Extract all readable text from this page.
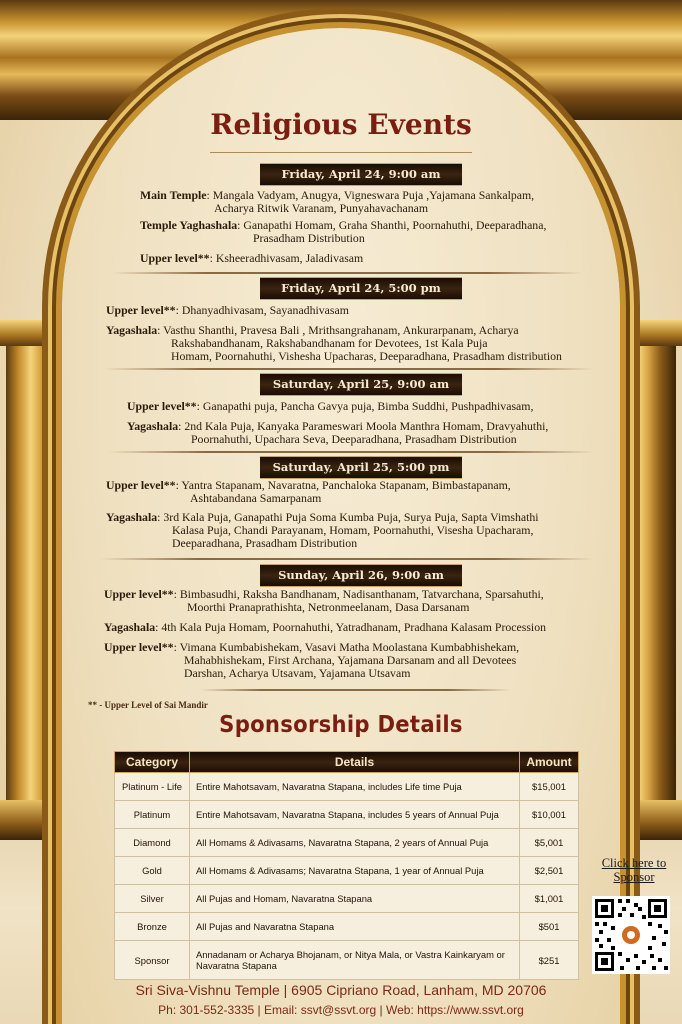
Religious Events
Friday, April 24, 9:00 am
Main Temple: Mangala Vadyam, Anugya, Vigneswara Puja ,Yajamana Sankalpam,
Acharya Ritwik Varanam, Punyahavachanam
Temple Yaghashala: Ganapathi Homam, Graha Shanthi, Poornahuthi, Deeparadhana,
Prasadham Distribution
Upper level**: Ksheeradhivasam, Jaladivasam
Friday, April 24, 5:00 pm
Upper level**: Dhanyadhivasam, Sayanadhivasam
Yagashala: Vasthu Shanthi, Pravesa Bali , Mrithsangrahanam, Ankurarpanam, Acharya
Rakshabandhanam, Rakshabandhanam for Devotees, 1st Kala Puja
Homam, Poornahuthi, Vishesha Upacharas, Deeparadhana, Prasadham distribution
Saturday, April 25, 9:00 am
Upper level**: Ganapathi puja, Pancha Gavya puja, Bimba Suddhi, Pushpadhivasam,
Yagashala: 2nd Kala Puja, Kanyaka Parameswari Moola Manthra Homam, Dravyahuthi,
Poornahuthi, Upachara Seva, Deeparadhana, Prasadham Distribution
Saturday, April 25, 5:00 pm
Upper level**: Yantra Stapanam, Navaratna, Panchaloka Stapanam, Bimbastapanam,
Ashtabandana Samarpanam
Yagashala: 3rd Kala Puja, Ganapathi Puja Soma Kumba Puja, Surya Puja, Sapta Vimshathi
Kalasa Puja, Chandi Parayanam, Homam, Poornahuthi, Visesha Upacharam,
Deeparadhana, Prasadham Distribution
Sunday, April 26, 9:00 am
Upper level**: Bimbasudhi, Raksha Bandhanam, Nadisanthanam, Tatvarchana, Sparsahuthi,
Moorthi Pranaprathishta, Netronmeelanam, Dasa Darsanam
Yagashala: 4th Kala Puja Homam, Poornahuthi, Yatradhanam, Pradhana Kalasam Procession
Upper level**: Vimana Kumbabishekam, Vasavi Matha Moolastana Kumbabhishekam,
Mahabhishekam, First Archana, Yajamana Darsanam and all Devotees
Darshan, Acharya Utsavam, Yajamana Utsavam
** - Upper Level of Sai Mandir
Sponsorship Details
Category	Details	Amount
Platinum - Life	Entire Mahotsavam, Navaratna Stapana, includes Life time Puja	$15,001
Platinum	Entire Mahotsavam, Navaratna Stapana, includes 5 years of Annual Puja	$10,001
Diamond	All Homams & Adivasams, Navaratna Stapana, 2 years of Annual Puja	$5,001
Gold	All Homams & Adivasams; Navaratna Stapana, 1 year of Annual Puja	$2,501
Silver	All Pujas and Homam, Navaratna Stapana	$1,001
Bronze	All Pujas and Navaratna Stapana	$501
Sponsor	Annadanam or Acharya Bhojanam, or Nitya Mala, or Vastra Kainkaryam or Navaratna Stapana	$251
Click here to
Sponsor
Sri Siva-Vishnu Temple | 6905 Cipriano Road, Lanham, MD 20706
Ph: 301-552-3335 | Email: ssvt@ssvt.org | Web: https://www.ssvt.org
